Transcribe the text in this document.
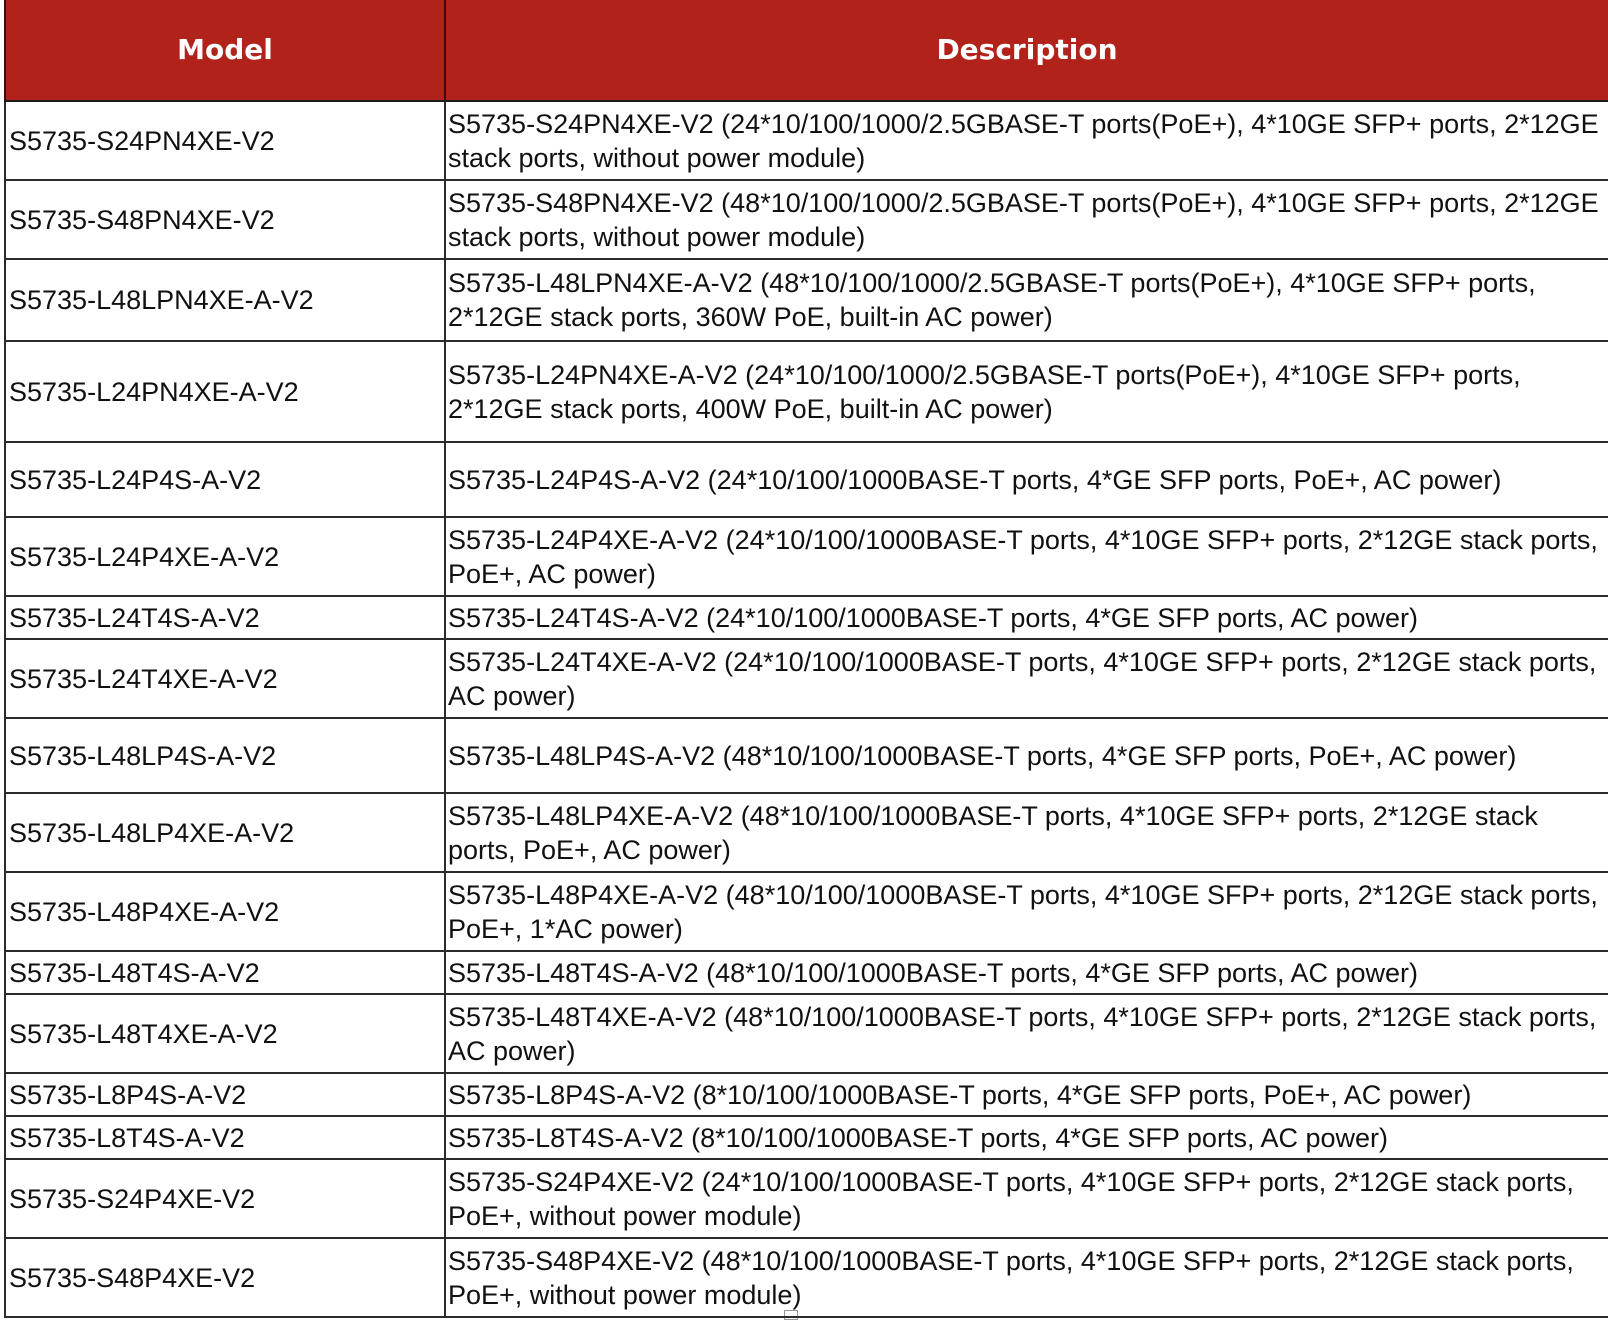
Model	Description
S5735-S24PN4XE-V2	S5735-S24PN4XE-V2 (24*10/100/1000/2.5GBASE-T ports(PoE+), 4*10GE SFP+ ports, 2*12GE stack ports, without power module)
S5735-S48PN4XE-V2	S5735-S48PN4XE-V2 (48*10/100/1000/2.5GBASE-T ports(PoE+), 4*10GE SFP+ ports, 2*12GE stack ports, without power module)
S5735-L48LPN4XE-A-V2	S5735-L48LPN4XE-A-V2 (48*10/100/1000/2.5GBASE-T ports(PoE+), 4*10GE SFP+ ports, 2*12GE stack ports, 360W PoE, built-in AC power)
S5735-L24PN4XE-A-V2	S5735-L24PN4XE-A-V2 (24*10/100/1000/2.5GBASE-T ports(PoE+), 4*10GE SFP+ ports, 2*12GE stack ports, 400W PoE, built-in AC power)
S5735-L24P4S-A-V2	S5735-L24P4S-A-V2 (24*10/100/1000BASE-T ports, 4*GE SFP ports, PoE+, AC power)
S5735-L24P4XE-A-V2	S5735-L24P4XE-A-V2 (24*10/100/1000BASE-T ports, 4*10GE SFP+ ports, 2*12GE stack ports, PoE+, AC power)
S5735-L24T4S-A-V2	S5735-L24T4S-A-V2 (24*10/100/1000BASE-T ports, 4*GE SFP ports, AC power)
S5735-L24T4XE-A-V2	S5735-L24T4XE-A-V2 (24*10/100/1000BASE-T ports, 4*10GE SFP+ ports, 2*12GE stack ports, AC power)
S5735-L48LP4S-A-V2	S5735-L48LP4S-A-V2 (48*10/100/1000BASE-T ports, 4*GE SFP ports, PoE+, AC power)
S5735-L48LP4XE-A-V2	S5735-L48LP4XE-A-V2 (48*10/100/1000BASE-T ports, 4*10GE SFP+ ports, 2*12GE stack ports, PoE+, AC power)
S5735-L48P4XE-A-V2	S5735-L48P4XE-A-V2 (48*10/100/1000BASE-T ports, 4*10GE SFP+ ports, 2*12GE stack ports, PoE+, 1*AC power)
S5735-L48T4S-A-V2	S5735-L48T4S-A-V2 (48*10/100/1000BASE-T ports, 4*GE SFP ports, AC power)
S5735-L48T4XE-A-V2	S5735-L48T4XE-A-V2 (48*10/100/1000BASE-T ports, 4*10GE SFP+ ports, 2*12GE stack ports, AC power)
S5735-L8P4S-A-V2	S5735-L8P4S-A-V2 (8*10/100/1000BASE-T ports, 4*GE SFP ports, PoE+, AC power)
S5735-L8T4S-A-V2	S5735-L8T4S-A-V2 (8*10/100/1000BASE-T ports, 4*GE SFP ports, AC power)
S5735-S24P4XE-V2	S5735-S24P4XE-V2 (24*10/100/1000BASE-T ports, 4*10GE SFP+ ports, 2*12GE stack ports, PoE+, without power module)
S5735-S48P4XE-V2	S5735-S48P4XE-V2 (48*10/100/1000BASE-T ports, 4*10GE SFP+ ports, 2*12GE stack ports, PoE+, without power module)
